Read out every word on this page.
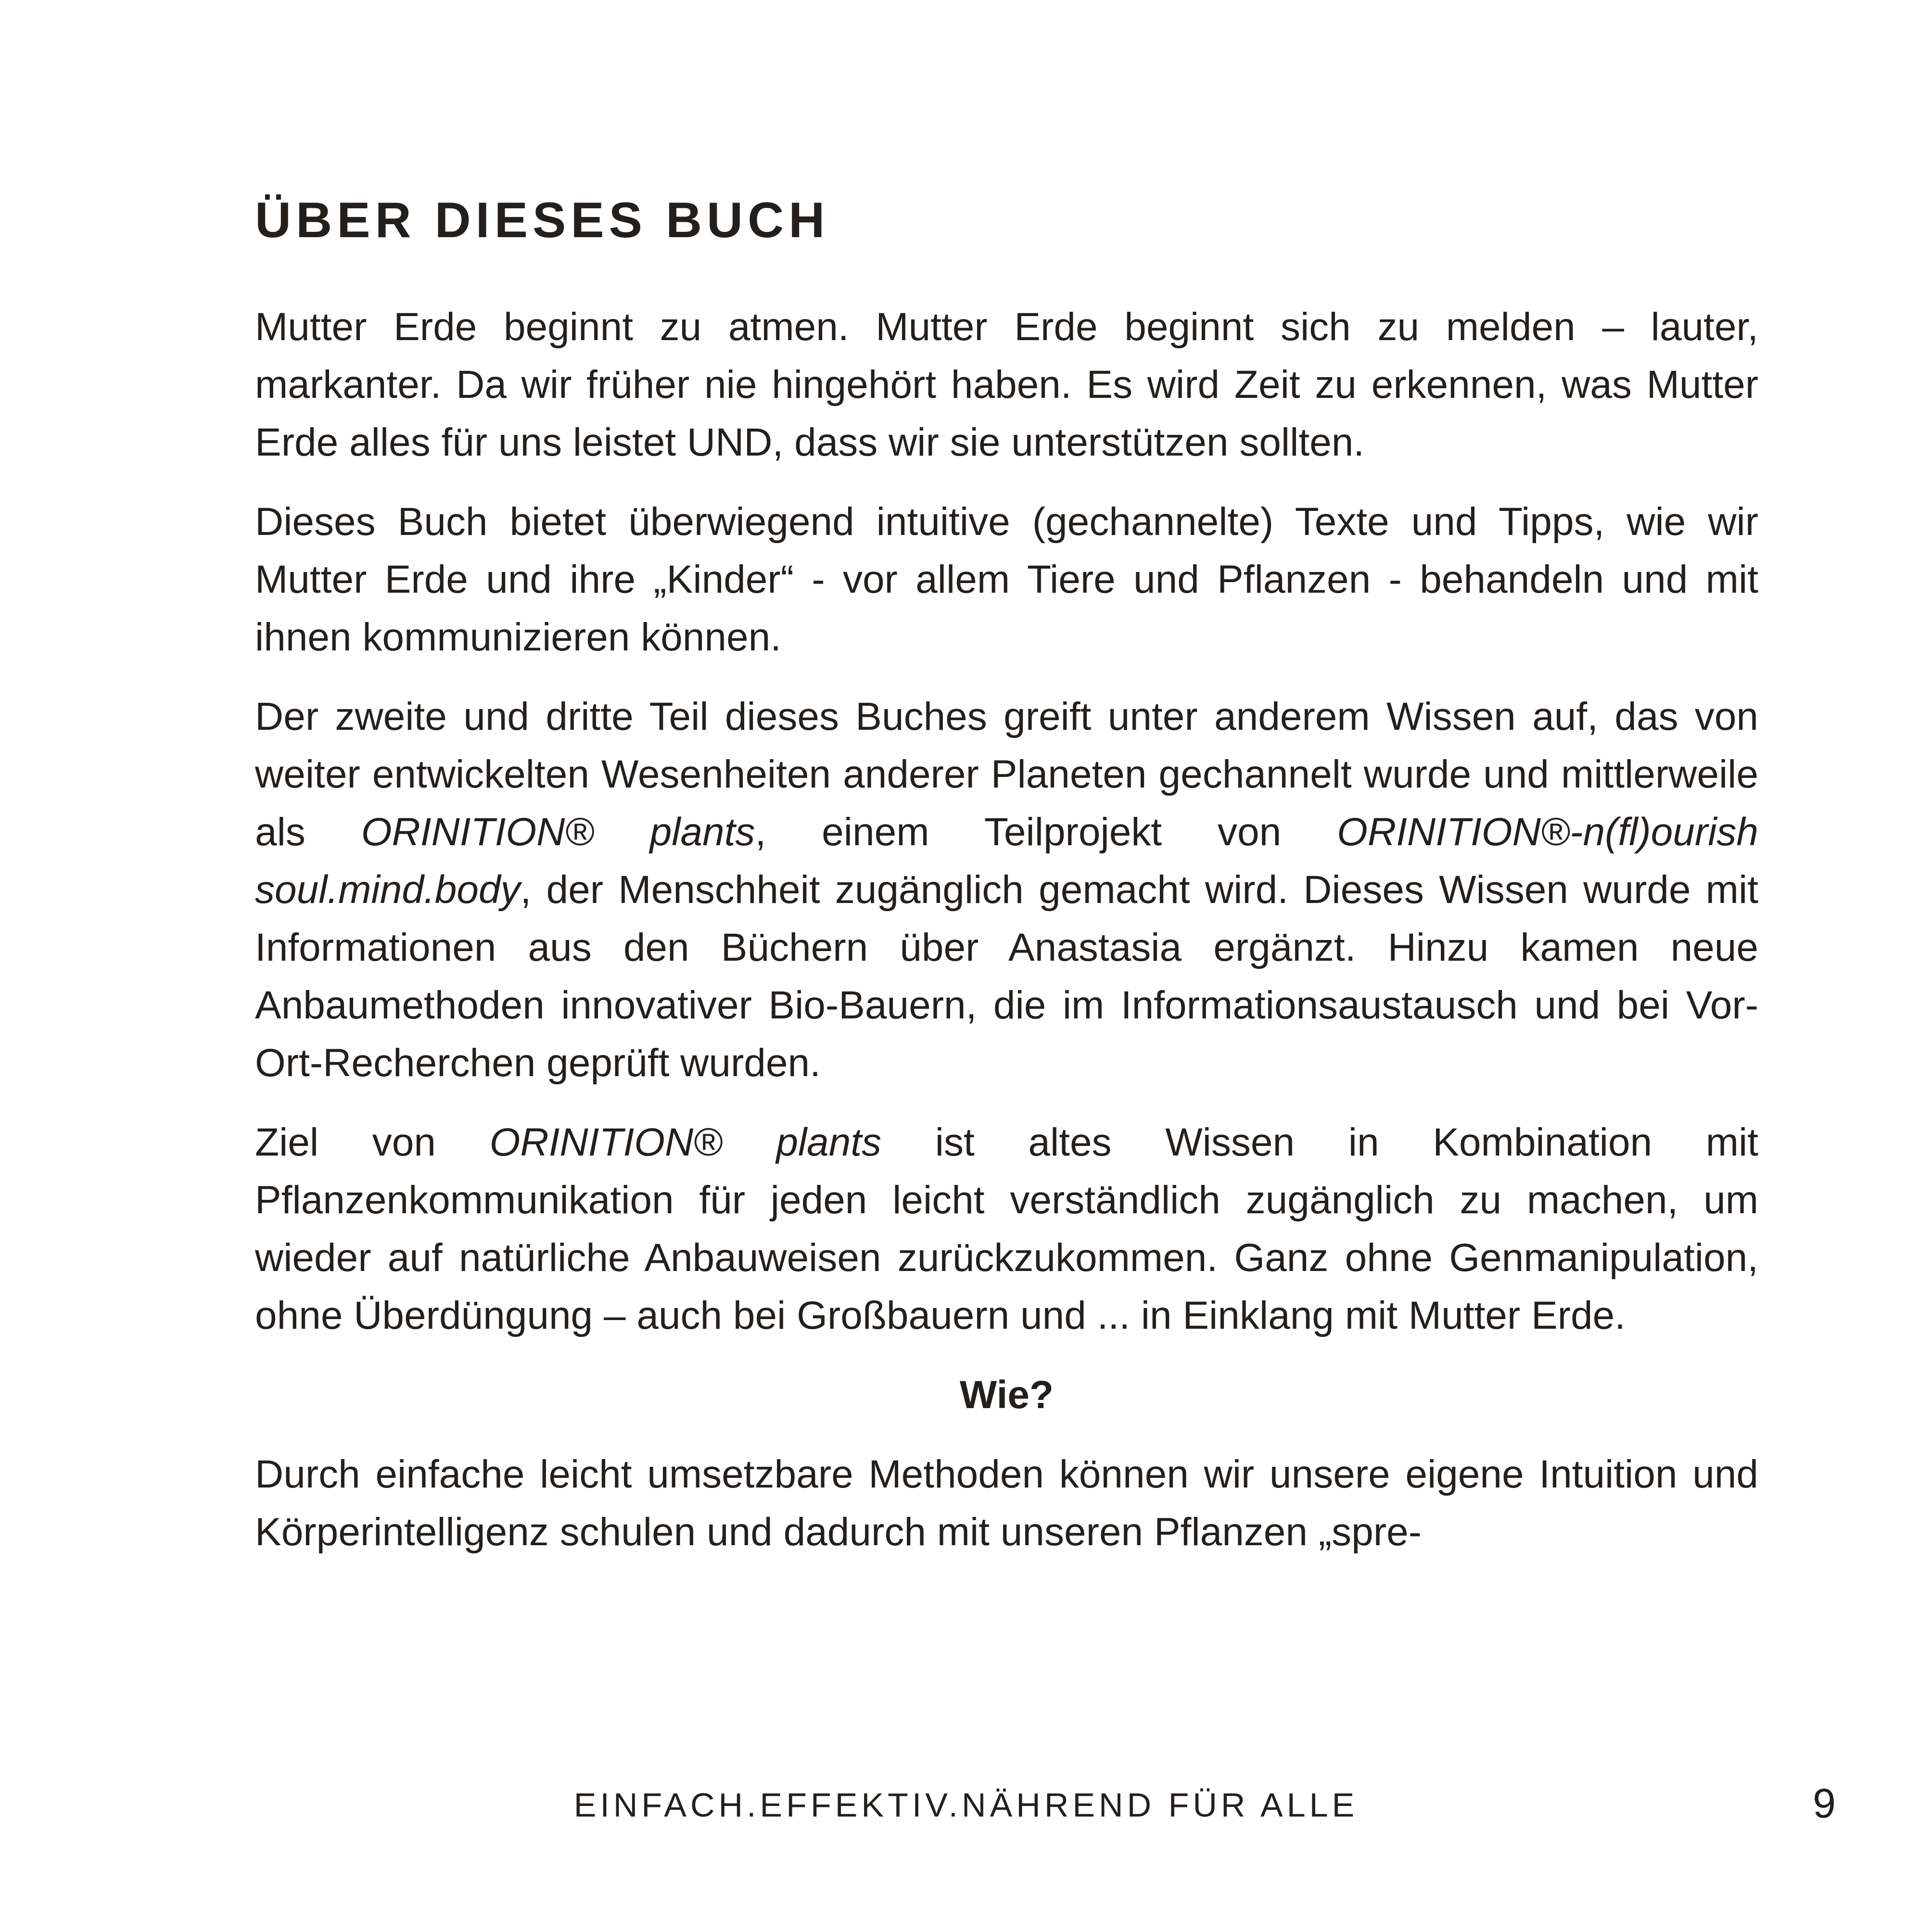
ÜBER DIESES BUCH

Mutter Erde beginnt zu atmen. Mutter Erde beginnt sich zu melden – lauter, markanter. Da wir früher nie hingehört haben. Es wird Zeit zu erkennen, was Mutter Erde alles für uns leistet UND, dass wir sie unterstützen sollten.

Dieses Buch bietet überwiegend intuitive (gechannelte) Texte und Tipps, wie wir Mutter Erde und ihre „Kinder“ - vor allem Tiere und Pflanzen - behandeln und mit ihnen kommunizieren können.

Der zweite und dritte Teil dieses Buches greift unter anderem Wissen auf, das von weiter entwickelten Wesenheiten anderer Planeten gechannelt wurde und mittlerweile als ORINITION® plants, einem Teilprojekt von ORINITION®-n(fl)ourish soul.mind.body, der Menschheit zugänglich gemacht wird. Dieses Wissen wurde mit Informationen aus den Büchern über Anastasia ergänzt. Hinzu kamen neue Anbaumethoden innovativer Bio-Bauern, die im Informationsaustausch und bei Vor-Ort-Recherchen geprüft wurden.

Ziel von ORINITION® plants ist altes Wissen in Kombination mit Pflanzenkommunikation für jeden leicht verständlich zugänglich zu machen, um wieder auf natürliche Anbauweisen zurückzukommen. Ganz ohne Genmanipulation, ohne Überdüngung – auch bei Großbauern und ... in Einklang mit Mutter Erde.

Wie?

Durch einfache leicht umsetzbare Methoden können wir unsere eigene Intuition und Körperintelligenz schulen und dadurch mit unseren Pflanzen „spre-

EINFACH.EFFEKTIV.NÄHREND FÜR ALLE	9
